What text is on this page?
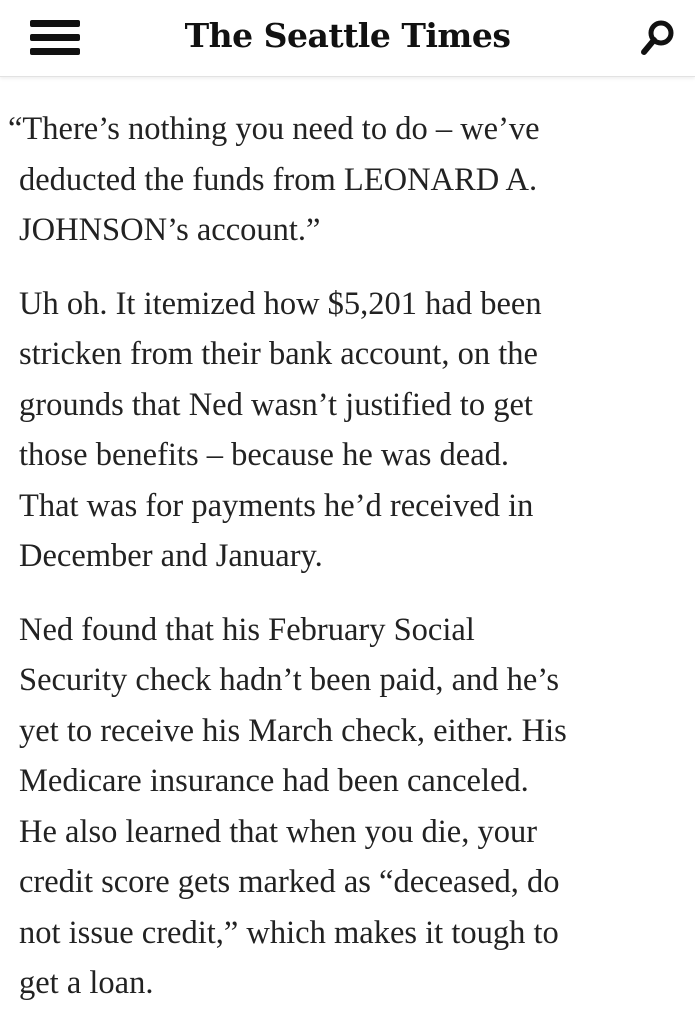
The Seattle Times

“There’s nothing you need to do – we’ve
deducted the funds from LEONARD A.
JOHNSON’s account.”

Uh oh. It itemized how $5,201 had been
stricken from their bank account, on the
grounds that Ned wasn’t justified to get
those benefits – because he was dead.
That was for payments he’d received in
December and January.

Ned found that his February Social
Security check hadn’t been paid, and he’s
yet to receive his March check, either. His
Medicare insurance had been canceled.
He also learned that when you die, your
credit score gets marked as “deceased, do
not issue credit,” which makes it tough to
get a loan.
